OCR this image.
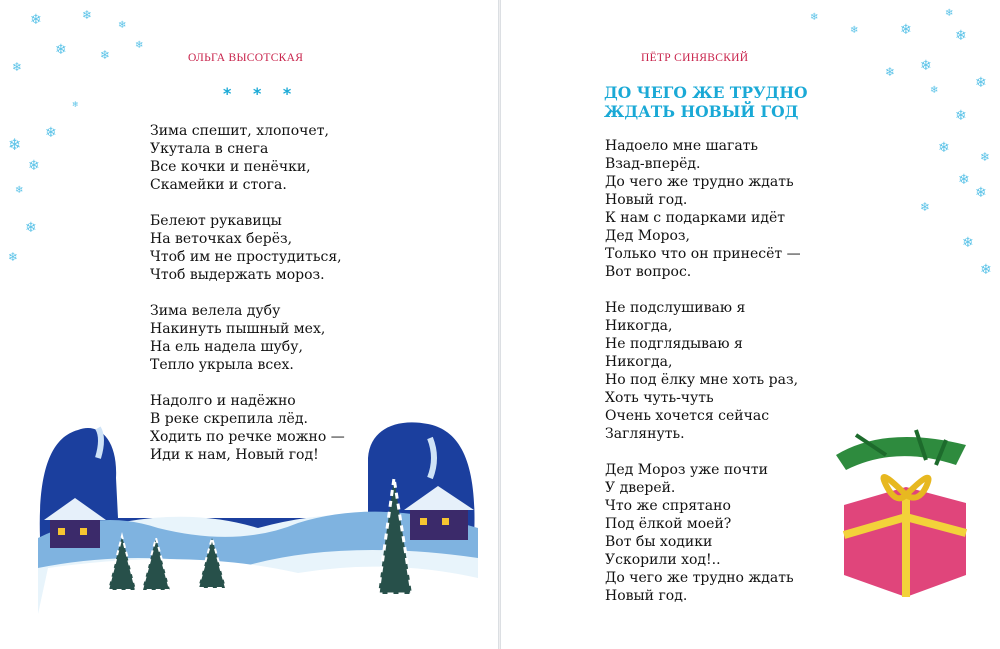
ОЛЬГА ВЫСОТСКАЯ
* * *
Зима спешит, хлопочет,
Укутала в снега
Все кочки и пенёчки,
Скамейки и стога.
Белеют рукавицы
На веточках берёз,
Чтоб им не простудиться,
Чтоб выдержать мороз.
Зима велела дубу
Накинуть пышный мех,
На ель надела шубу,
Тепло укрыла всех.
Надолго и надёжно
В реке скрепила лёд.
Ходить по речке можно —
Иди к нам, Новый год!
ПЁТР СИНЯВСКИЙ
ДО ЧЕГО ЖЕ ТРУДНО
ЖДАТЬ НОВЫЙ ГОД
Надоело мне шагать
Взад-вперёд.
До чего же трудно ждать
Новый год.
К нам с подарками идёт
Дед Мороз,
Только что он принесёт —
Вот вопрос.
Не подслушиваю я
Никогда,
Не подглядываю я
Никогда,
Но под ёлку мне хоть раз,
Хоть чуть-чуть
Очень хочется сейчас
Заглянуть.
Дед Мороз уже почти
У дверей.
Что же спрятано
Под ёлкой моей?
Вот бы ходики
Ускорили ход!..
До чего же трудно ждать
Новый год.
❄	❄
❄
❄
❄
❄
❄
❄
❄
❄
❄
❄
❄
❄
❄	❄
❄
❄
❄
❄
❄
❄
❄
❄
❄
❄
❄
❄
❄
❄
❄
